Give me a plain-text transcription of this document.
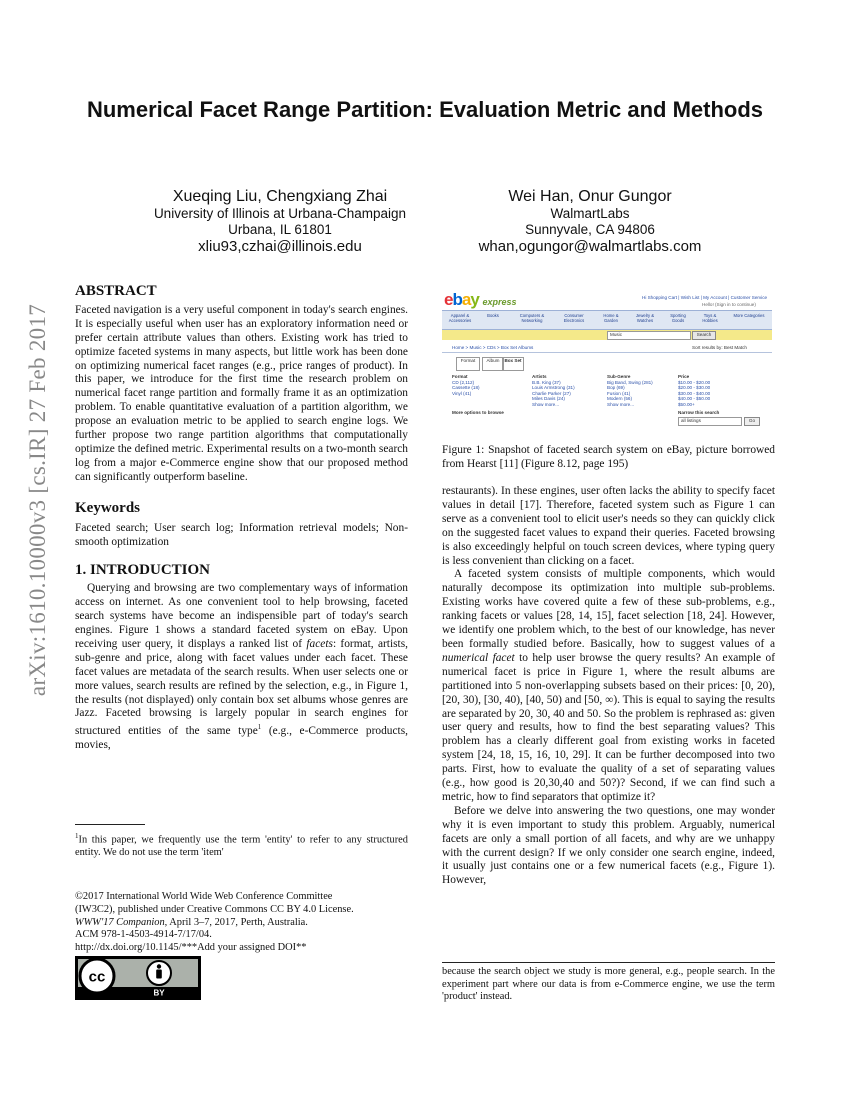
arXiv:1610.10000v3 [cs.IR] 27 Feb 2017
Numerical Facet Range Partition: Evaluation Metric and Methods
Xueqing Liu, Chengxiang Zhai
University of Illinois at Urbana-Champaign
Urbana, IL 61801
xliu93,czhai@illinois.edu
Wei Han, Onur Gungor
WalmartLabs
Sunnyvale, CA 94806
whan,ogungor@walmartlabs.com
ABSTRACT

Faceted navigation is a very useful component in today's search engines. It is especially useful when user has an exploratory information need or prefer certain attribute values than others. Existing work has tried to optimize faceted systems in many aspects, but little work has been done on optimizing numerical facet ranges (e.g., price ranges of product). In this paper, we introduce for the first time the research problem on numerical facet range partition and formally frame it as an optimization problem. To enable quantitative evaluation of a partition algorithm, we propose an evaluation metric to be applied to search engine logs. We further propose two range partition algorithms that computationally optimize the defined metric. Experimental results on a two-month search log from a major e-Commerce engine show that our proposed method can significantly outperform baseline.

Keywords

Faceted search; User search log; Information retrieval models; Non-smooth optimization

1. INTRODUCTION

Querying and browsing are two complementary ways of information access on internet. As one convenient tool to help browsing, faceted search systems have become an indispensible part of today's search engines. Figure 1 shows a standard faceted system on eBay. Upon receiving user query, it displays a ranked list of facets: format, artists, sub-genre and price, along with facet values under each facet. These facet values are metadata of the search results. When user selects one or more values, search results are refined by the selection, e.g., in Figure 1, the results (not displayed) only contain box set albums whose genres are Jazz. Faceted browsing is largely popular in search engines for structured entities of the same type$^1$ (e.g., e-Commerce products, movies,

$^1$In this paper, we frequently use the term 'entity' to refer to any structured entity. We do not use the term 'item'
©2017 International World Wide Web Conference Committee
(IW3C2), published under Creative Commons CC BY 4.0 License.
WWW'17 Companion, April 3–7, 2017, Perth, Australia.
ACM 978-1-4503-4914-7/17/04.
http://dx.doi.org/10.1145/***Add your assigned DOI**
cc
BY
ebay express	Hi Shopping Cart | Wish List | My Account | Customer Service
Hello! (Sign in to continue)
Apparel & Accessories
Books	Computers & Networking
Consumer Electronics
Home & Garden
Jewelry & Watches
Sporting Goods
Toys & Hobbies
More Categories
Music	Search
Home > Music > CDs > Box Set Albums	Sort results by: Best Match
Format	Album	Box Set
Format
CD (2,112)
Cassette (18)
Vinyl (41)
Artists
B.B. King (37)
Louis Armstrong (31)
Charlie Parker (27)
Miles Davis (24)
Show more...
Sub-Genre
Big Band, Swing (281)
Bop (69)
Fusion (41)
Modern (56)
Show more...
Price
$10.00 - $20.00
$20.00 - $30.00
$30.00 - $40.00
$40.00 - $50.00
$50.00+
More options to browse	Narrow this search
all listings	Go
Figure 1: Snapshot of faceted search system on eBay, picture borrowed from Hearst [11] (Figure 8.12, page 195)

restaurants). In these engines, user often lacks the ability to specify facet values in detail [17]. Therefore, faceted system such as Figure 1 can serve as a convenient tool to elicit user's needs so they can quickly click on the suggested facet values to expand their queries. Faceted browsing is also exceedingly helpful on touch screen devices, where typing query is less convenient than clicking on a facet.

A faceted system consists of multiple components, which would naturally decompose its optimization into multiple sub-problems. Existing works have covered quite a few of these sub-problems, e.g., ranking facets or values [28, 14, 15], facet selection [18, 24]. However, we identify one problem which, to the best of our knowledge, has never been formally studied before. Basically, how to suggest values of a numerical facet to help user browse the query results? An example of numerical facet is price in Figure 1, where the result albums are partitioned into 5 non-overlapping subsets based on their prices: [0, 20), [20, 30), [30, 40), [40, 50) and [50, ∞). This is equal to saying the results are separated by 20, 30, 40 and 50. So the problem is rephrased as: given user query and results, how to find the best separating values? This problem has a clearly different goal from existing works in faceted system [24, 18, 15, 16, 10, 29]. It can be further decomposed into two parts. First, how to evaluate the quality of a set of separating values (e.g., how good is 20,30,40 and 50?)? Second, if we can find such a metric, how to find separators that optimize it?

Before we delve into answering the two questions, one may wonder why it is even important to study this problem. Arguably, numerical facets are only a small portion of all facets, and why are we unhappy with the current design? If we only consider one search engine, indeed, it usually just contains one or a few numerical facets (e.g., Figure 1). However,

because the search object we study is more general, e.g., people search. In the experiment part where our data is from e-Commerce engine, we use the term 'product' instead.
